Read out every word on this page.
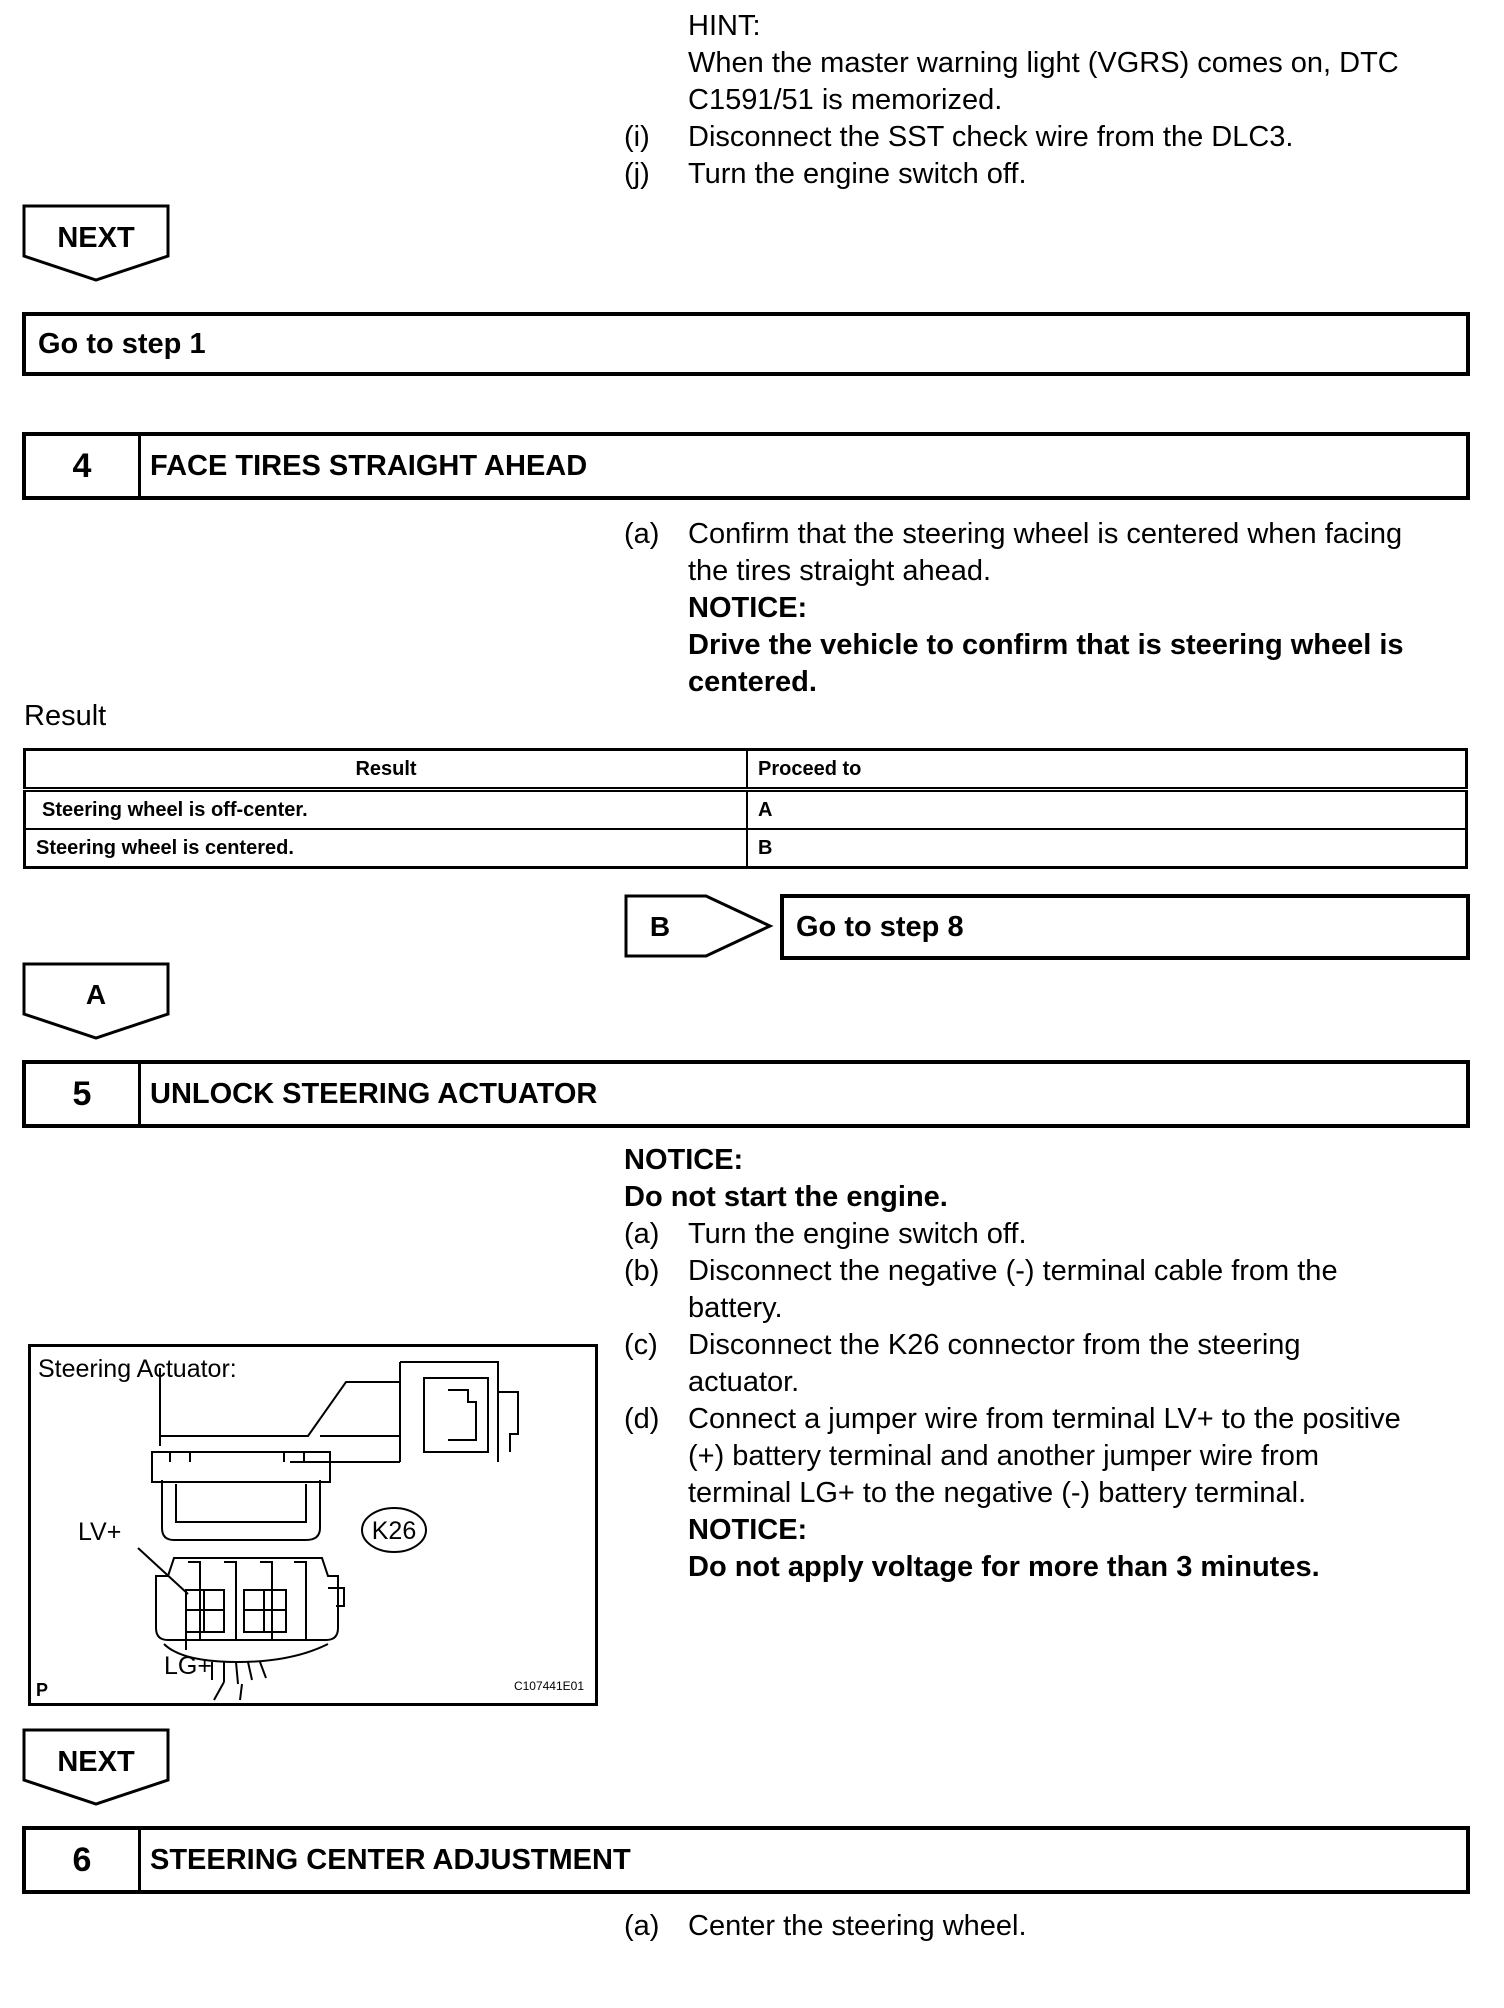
HINT:
When the master warning light (VGRS) comes on, DTC
C1591/51 is memorized.
(i) Disconnect the SST check wire from the DLC3.
(j) Turn the engine switch off.
NEXT
Go to step 1
4	FACE TIRES STRAIGHT AHEAD
(a) Confirm that the steering wheel is centered when facing
the tires straight ahead.
NOTICE:
Drive the vehicle to confirm that is steering wheel is
centered.
Result
Result	Proceed to
Steering wheel is off-center.	A
Steering wheel is centered.	B
B	Go to step 8
A
5	UNLOCK STEERING ACTUATOR
NOTICE:
Do not start the engine.
(a) Turn the engine switch off.
(b) Disconnect the negative (-) terminal cable from the
battery.
(c) Disconnect the K26 connector from the steering
actuator.
(d) Connect a jumper wire from terminal LV+ to the positive
(+) battery terminal and another jumper wire from
terminal LG+ to the negative (-) battery terminal.
NOTICE:
Do not apply voltage for more than 3 minutes.
Steering Actuator:
K26
LV+
LG+
P	C107441E01
NEXT
6	STEERING CENTER ADJUSTMENT
(a) Center the steering wheel.
